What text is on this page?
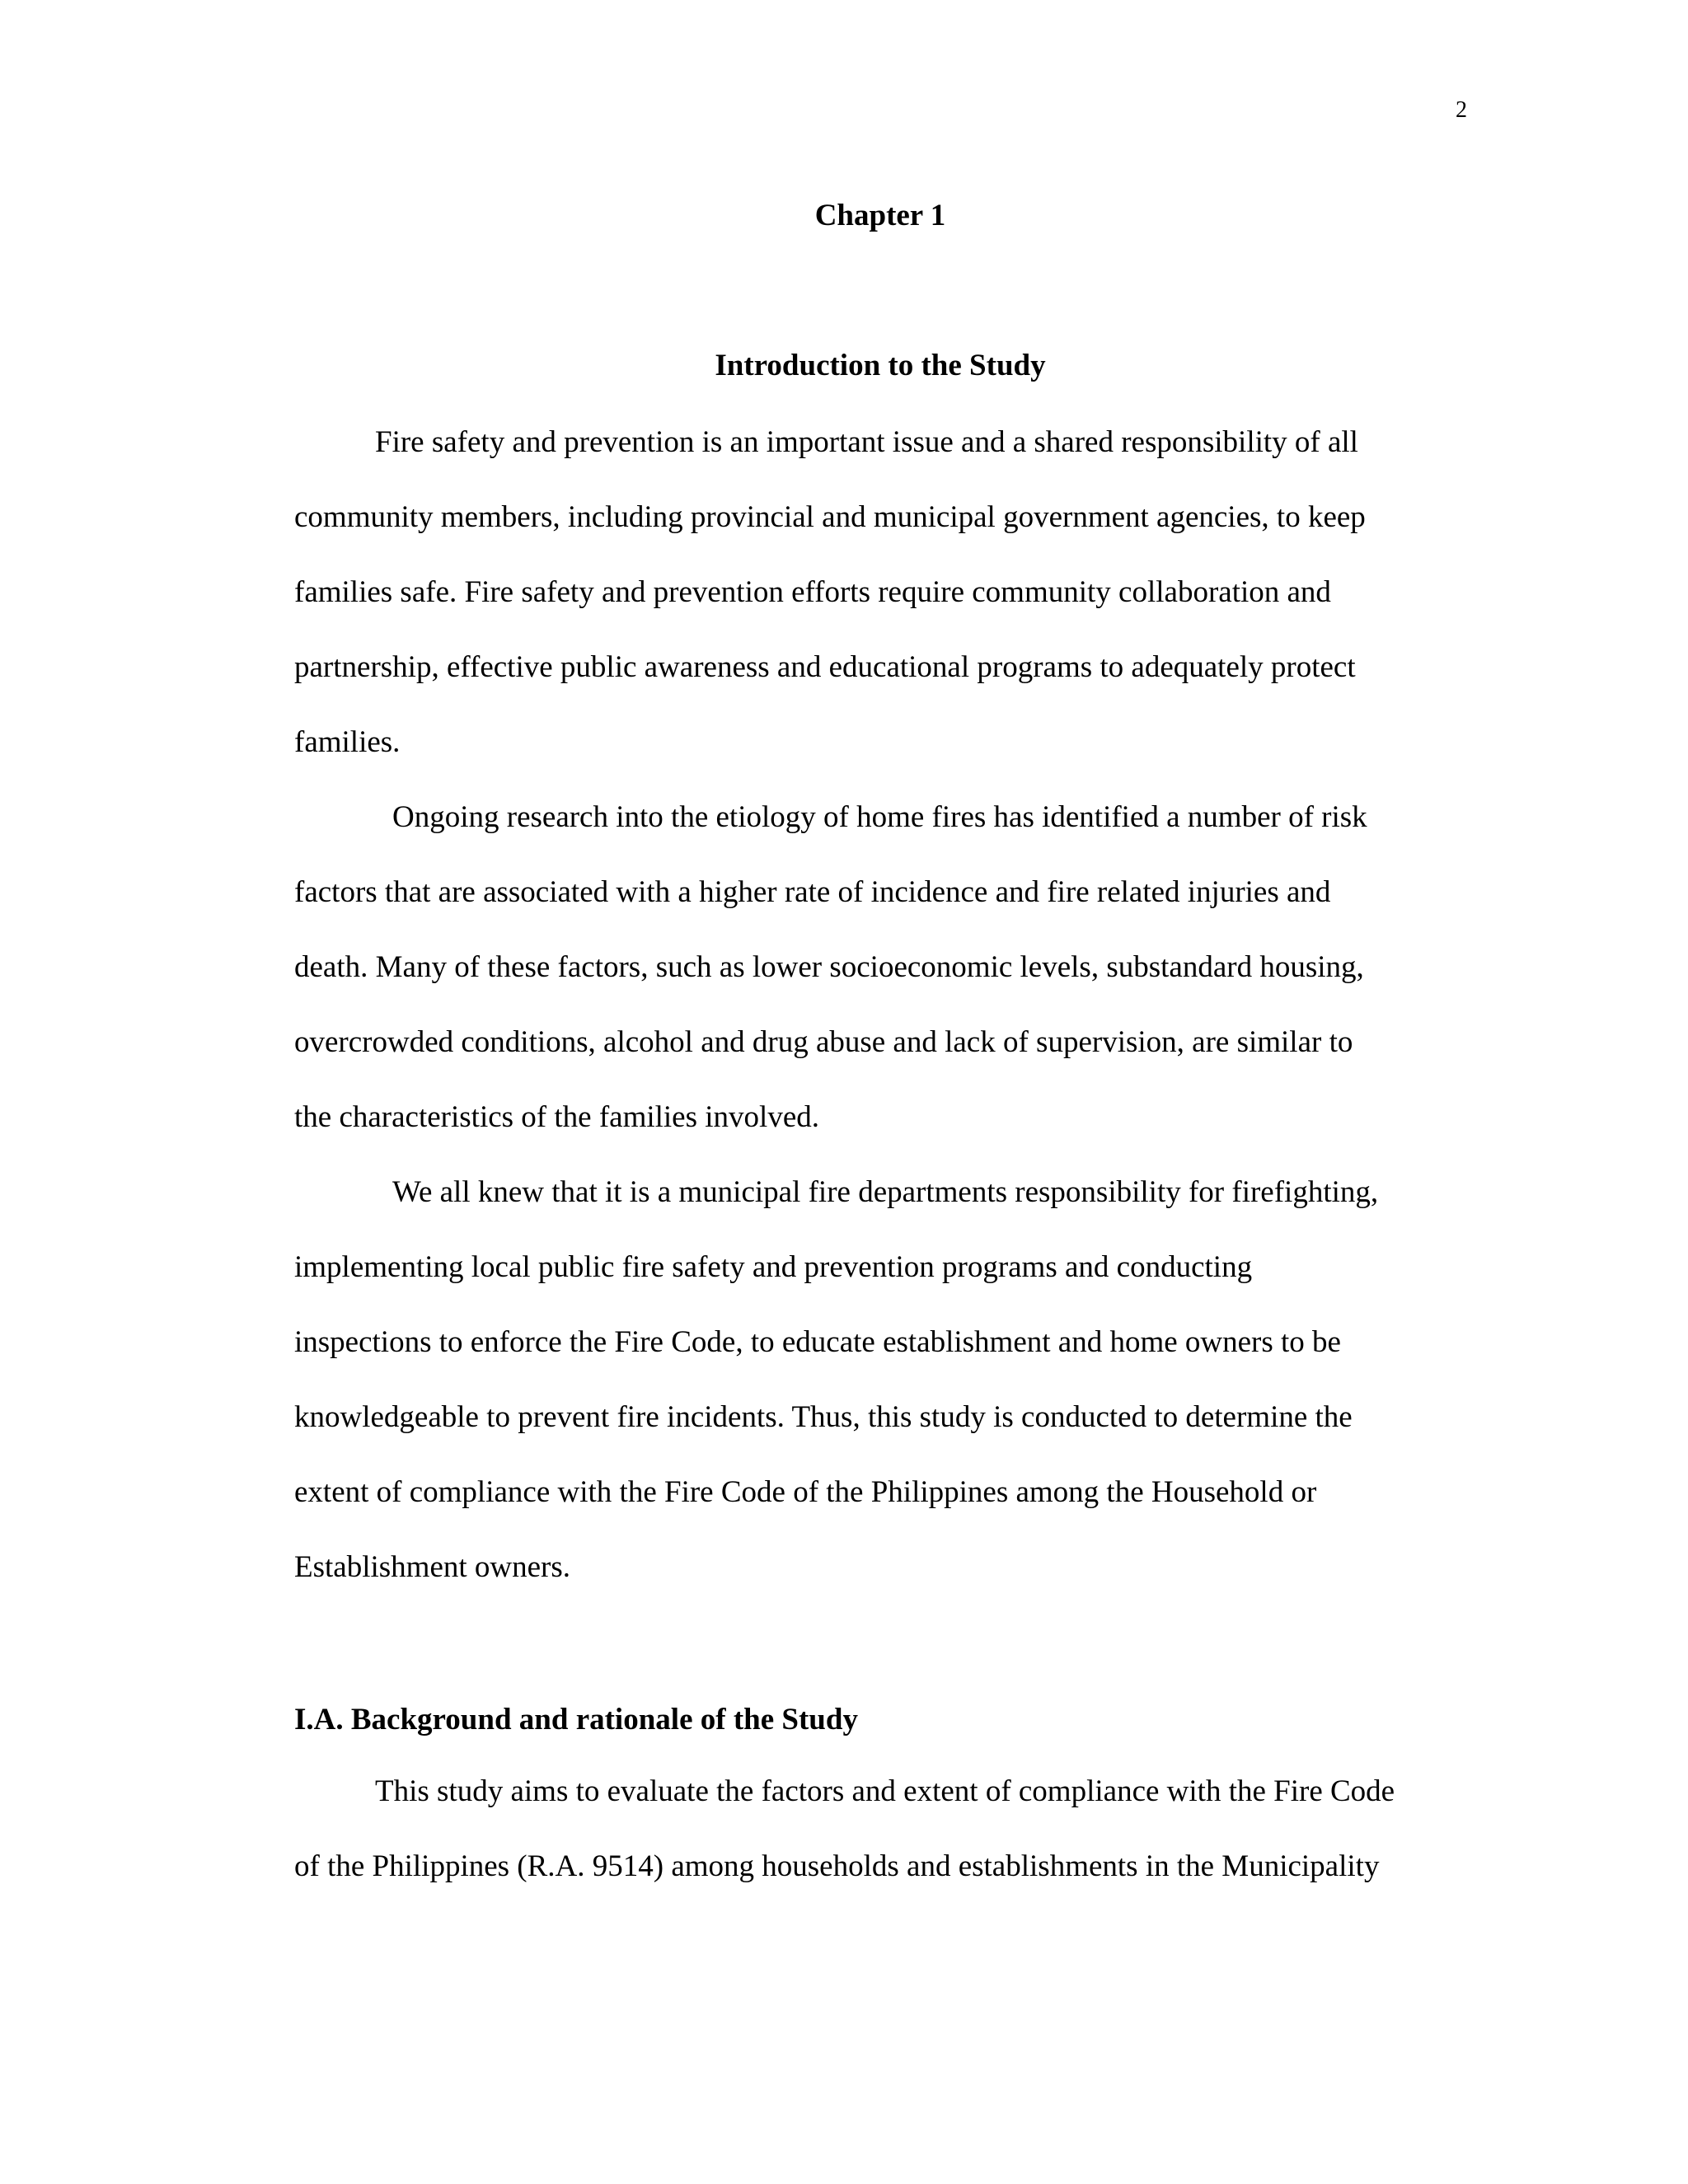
2
Chapter 1
Introduction to the Study
Fire safety and prevention is an important issue and a shared responsibility of all
community members, including provincial and municipal government agencies, to keep
families safe. Fire safety and prevention efforts require community collaboration and
partnership, effective public awareness and educational programs to adequately protect
families.
Ongoing research into the etiology of home fires has identified a number of risk
factors that are associated with a higher rate of incidence and fire related injuries and
death. Many of these factors, such as lower socioeconomic levels, substandard housing,
overcrowded conditions, alcohol and drug abuse and lack of supervision, are similar to
the characteristics of the families involved.
We all knew that it is a municipal fire departments responsibility for firefighting,
implementing local public fire safety and prevention programs and conducting
inspections to enforce the Fire Code, to educate establishment and home owners to be
knowledgeable to prevent fire incidents. Thus, this study is conducted to determine the
extent of compliance with the Fire Code of the Philippines among the Household or
Establishment owners.
I.A. Background and rationale of the Study
This study aims to evaluate the factors and extent of compliance with the Fire Code
of the Philippines (R.A. 9514) among households and establishments in the Municipality
